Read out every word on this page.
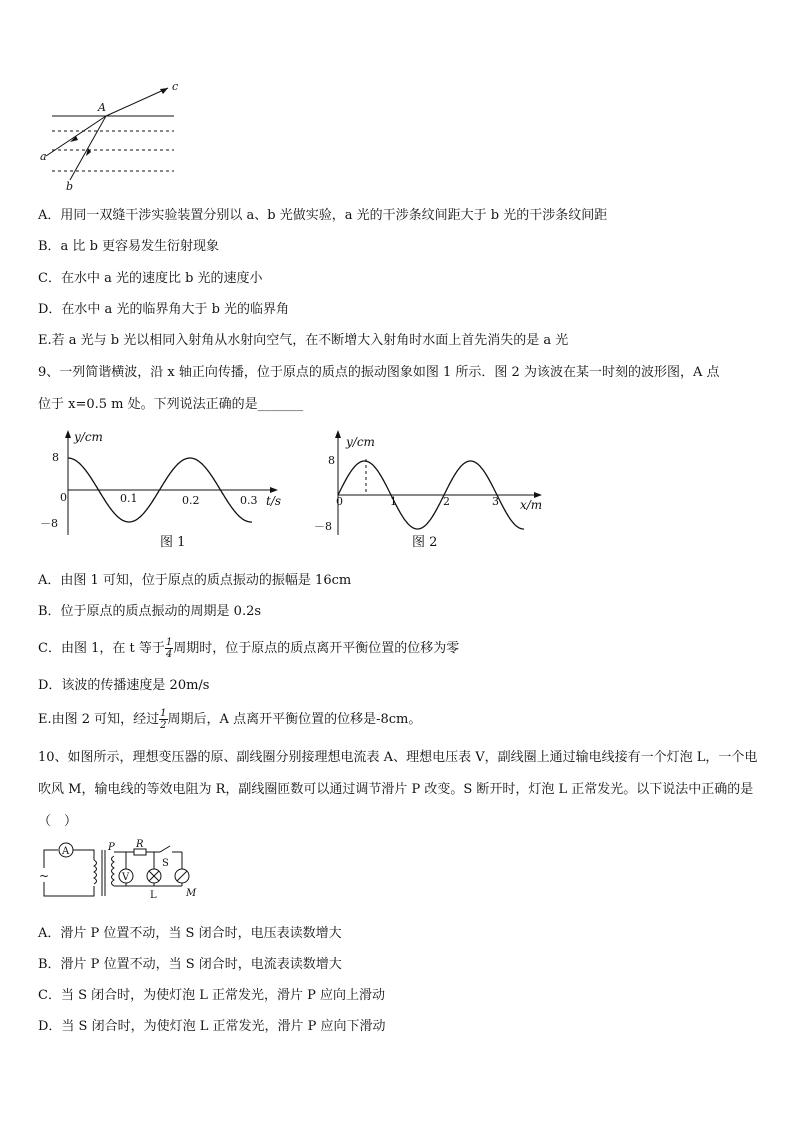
A
c
a
b
A．用同一双缝干涉实验装置分别以 a、b 光做实验，a 光的干涉条纹间距大于 b 光的干涉条纹间距
B．a 比 b 更容易发生衍射现象
C．在水中 a 光的速度比 b 光的速度小
D．在水中 a 光的临界角大于 b 光的临界角
E.若 a 光与 b 光以相同入射角从水射向空气，在不断增大入射角时水面上首先消失的是 a 光
9、一列简谐横波，沿 x 轴正向传播，位于原点的质点的振动图象如图 1 所示．图 2 为该波在某一时刻的波形图，A 点
位于 x=0.5 m 处。下列说法正确的是_______
y/cm
t/s
0
8
－8
0.1	0.2	0.3
图 1
y/cm
x/m
0
8
－8
1	2	3
图 2
A．由图 1 可知，位于原点的质点振动的振幅是 16cm
B．位于原点的质点振动的周期是 0.2s
C．由图 1，在 t 等于 $\frac{1}{4}$ 周期时，位于原点的质点离开平衡位置的位移为零
D．该波的传播速度是 20m/s
E.由图 2 可知，经过 $\frac{1}{2}$ 周期后，A 点离开平衡位置的位移是-8cm。
10、如图所示，理想变压器的原、副线圈分别接理想电流表 A、理想电压表 V，副线圈上通过输电线接有一个灯泡 L，一个电吹风 M，输电线的等效电阻为 R，副线圈匝数可以通过调节滑片 P 改变。S 断开时，灯泡 L 正常发光。以下说法中正确的是（　）
A
~
P R
S
V
L	M
A．滑片 P 位置不动，当 S 闭合时，电压表读数增大
B．滑片 P 位置不动，当 S 闭合时，电流表读数增大
C．当 S 闭合时，为使灯泡 L 正常发光，滑片 P 应向上滑动
D．当 S 闭合时，为使灯泡 L 正常发光，滑片 P 应向下滑动
